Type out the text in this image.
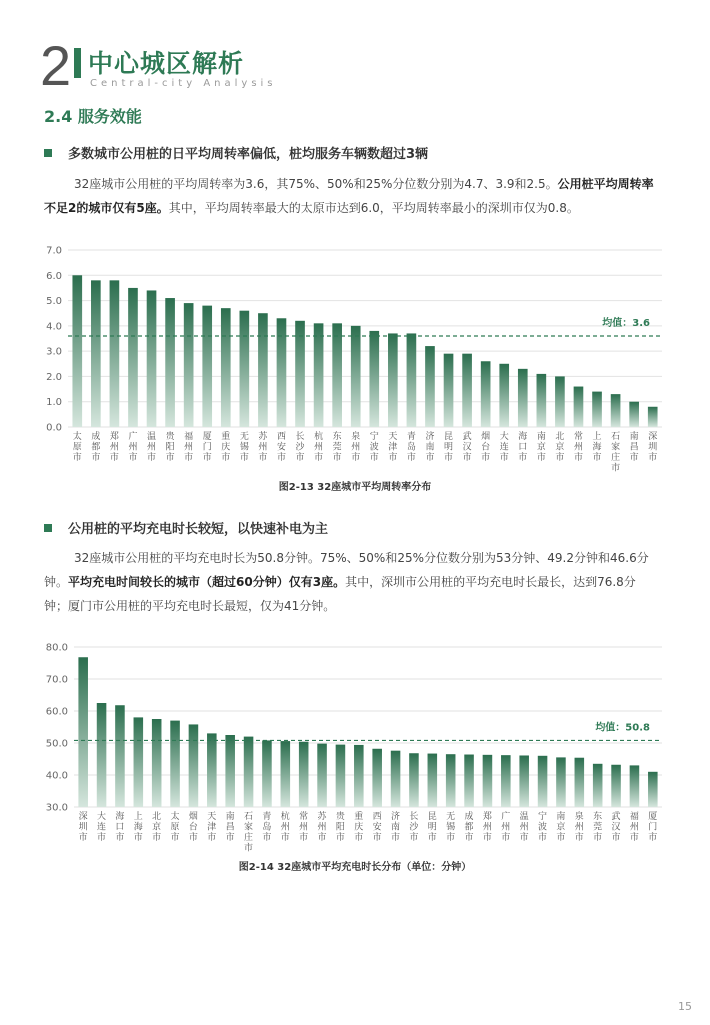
2 中心城区解析
Central-city Analysis
2.4 服务效能
多数城市公用桩的日平均周转率偏低，桩均服务车辆数超过3辆

32座城市公用桩的平均周转率为3.6，其75%、50%和25%分位数分别为4.7、3.9和2.5。公用桩平均周转率不足2的城市仅有5座。其中，平均周转率最大的太原市达到6.0，平均周转率最小的深圳市仅为0.8。

0.0
1.0
2.0
3.0
4.0
5.0
6.0
7.0
太原市
成都市
郑州市
广州市
温州市
贵阳市
福州市
厦门市
重庆市
无锡市
苏州市
西安市
长沙市
杭州市
东莞市
泉州市
宁波市
天津市
青岛市
济南市
昆明市
武汉市
烟台市
大连市
海口市
南京市
北京市
常州市
上海市
石家庄市
南昌市
深圳市
均值：3.6
图2-13 32座城市平均周转率分布
公用桩的平均充电时长较短，以快速补电为主

32座城市公用桩的平均充电时长为50.8分钟。75%、50%和25%分位数分别为53分钟、49.2分钟和46.6分钟。平均充电时间较长的城市（超过60分钟）仅有3座。其中，深圳市公用桩的平均充电时长最长，达到76.8分钟；厦门市公用桩的平均充电时长最短，仅为41分钟。

30.0
40.0
50.0
60.0
70.0
80.0
深圳市
大连市
海口市
上海市
北京市
太原市
烟台市
天津市
南昌市
石家庄市
青岛市
杭州市
常州市
苏州市
贵阳市
重庆市
西安市
济南市
长沙市
昆明市
无锡市
成都市
郑州市
广州市
温州市
宁波市
南京市
泉州市
东莞市
武汉市
福州市
厦门市
均值：50.8
图2-14 32座城市平均充电时长分布（单位：分钟）
15
